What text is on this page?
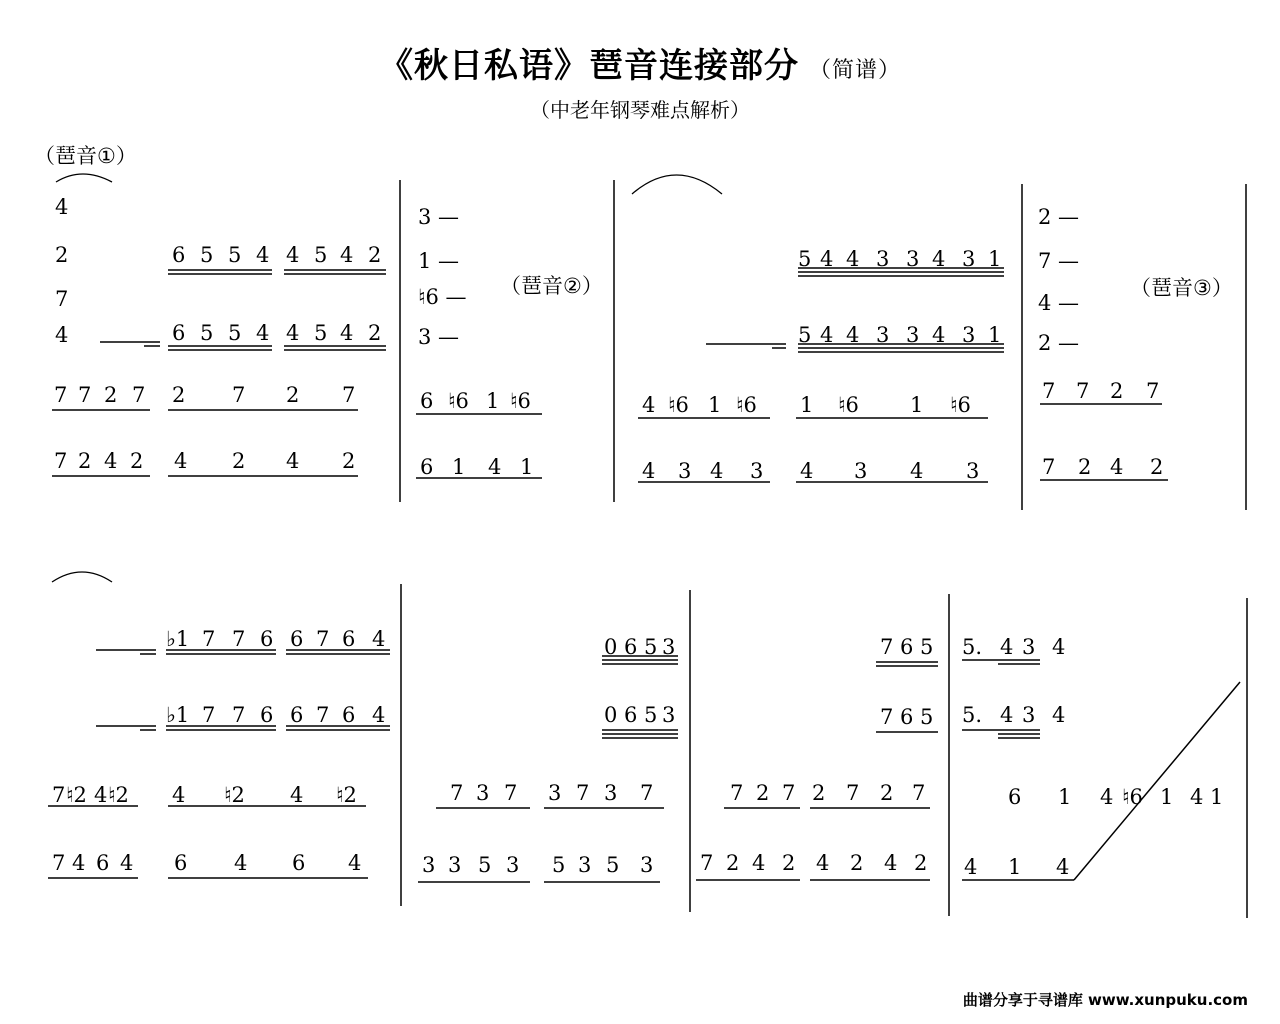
《秋日私语》琶音连接部分 （简谱）
（中老年钢琴难点解析）
（琶音①）
（琶音②）	（琶音③）
4
2
7
4
6 5 5 4 4 5 4 2
6 5 5 4 4 5 4 2
7 7 2 7 2 7 2 7
7 2 4 2 4 2 4 2
3 —
1 —
♮6 —
3 —
6 ♮6 1 ♮6
6 1 4 1
5 4 4 3 3 4 3 1
5 4 4 3 3 4 3 1
4 ♮6 1 ♮6 1 ♮6 1 ♮6
4 3 4 3 4 3 4 3
2 —
7 —
4 —
2 —
7 7 2 7
7 2 4 2
♭1 7 7 6 6 7 6 4
♭1 7 7 6 6 7 6 4
7 ♮2 4 ♮2 4 ♮2 4 ♮2
7 4 6 4 6 4 6 4
0 6 5 3
0 6 5 3
7 3 7 3 7 3 7
3 3 5 3 5 3 5 3
7 6 5
7 6 5
7 2 7 2 7 2 7
7 2 4 2 4 2 4 2
5. 4 3 4
5. 4 3 4
6 1 4 ♮6 1 4 1
4 1 4
曲谱分享于寻谱库 www.xunpuku.com
